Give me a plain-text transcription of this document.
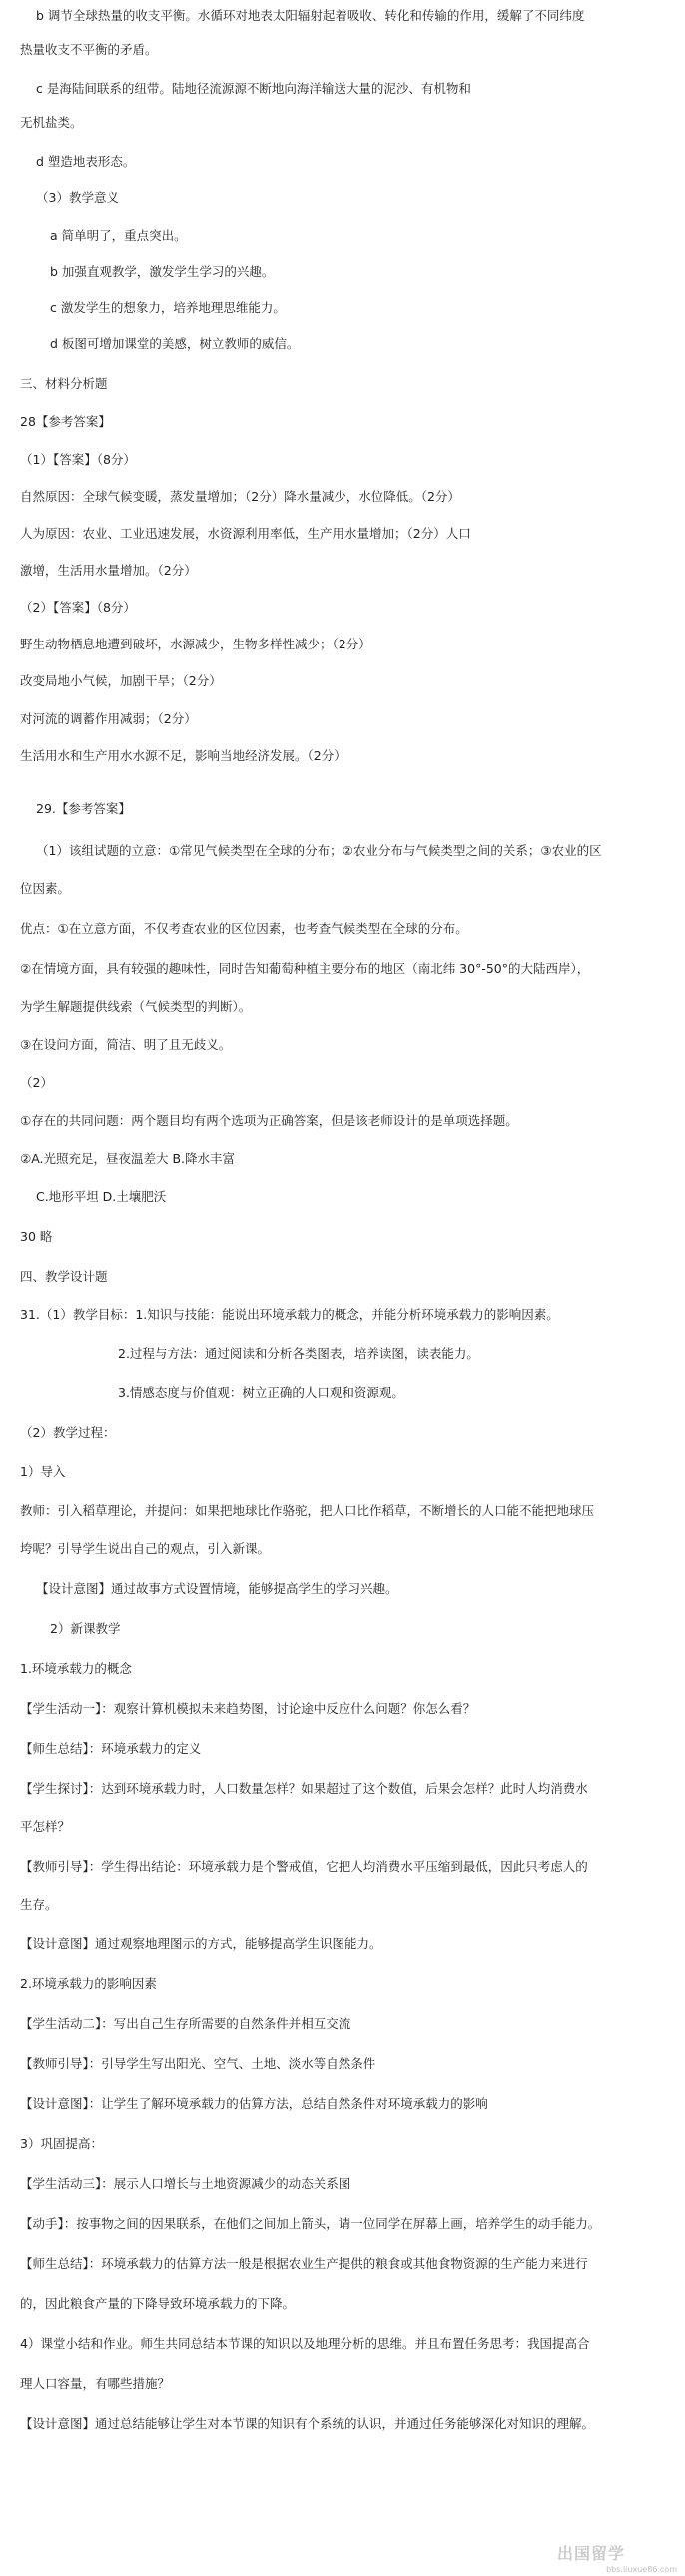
b 调节全球热量的收支平衡。水循环对地表太阳辐射起着吸收、转化和传输的作用，缓解了不同纬度
热量收支不平衡的矛盾。
c 是海陆间联系的纽带。陆地径流源源不断地向海洋输送大量的泥沙、有机物和
无机盐类。
d 塑造地表形态。
（3）教学意义
a 简单明了，重点突出。
b 加强直观教学，激发学生学习的兴趣。
c 激发学生的想象力，培养地理思维能力。
d 板图可增加课堂的美感，树立教师的威信。
三、材料分析题
28【参考答案】
（1）【答案】（8分）
自然原因：全球气候变暖，蒸发量增加；（2分）降水量减少，水位降低。（2分）
人为原因：农业、工业迅速发展，水资源利用率低，生产用水量增加；（2分）人口
激增，生活用水量增加。（2分）
（2）【答案】（8分）
野生动物栖息地遭到破坏，水源减少，生物多样性减少；（2分）
改变局地小气候，加剧干旱；（2分）
对河流的调蓄作用减弱；（2分）
生活用水和生产用水水源不足，影响当地经济发展。（2分）
29.【参考答案】
（1）该组试题的立意：①常见气候类型在全球的分布；②农业分布与气候类型之间的关系；③农业的区
位因素。
优点：①在立意方面，不仅考查农业的区位因素，也考查气候类型在全球的分布。
②在情境方面，具有较强的趣味性，同时告知葡萄种植主要分布的地区（南北纬 30°-50°的大陆西岸），
为学生解题提供线索（气候类型的判断）。
③在设问方面，简洁、明了且无歧义。
（2）
①存在的共同问题：两个题目均有两个选项为正确答案，但是该老师设计的是单项选择题。
②A.光照充足，昼夜温差大 B.降水丰富
C.地形平坦 D.土壤肥沃
30 略
四、教学设计题
31.（1）教学目标：1.知识与技能：能说出环境承载力的概念，并能分析环境承载力的影响因素。
2.过程与方法：通过阅读和分析各类图表，培养读图，读表能力。
3.情感态度与价值观：树立正确的人口观和资源观。
（2）教学过程：
1）导入
教师：引入稻草理论，并提问：如果把地球比作骆驼，把人口比作稻草，不断增长的人口能不能把地球压
垮呢？引导学生说出自己的观点，引入新课。
【设计意图】通过故事方式设置情境，能够提高学生的学习兴趣。
2）新课教学
1.环境承载力的概念
【学生活动一】：观察计算机模拟未来趋势图，讨论途中反应什么问题？你怎么看？
【师生总结】：环境承载力的定义
【学生探讨】：达到环境承载力时，人口数量怎样？如果超过了这个数值，后果会怎样？此时人均消费水
平怎样？
【教师引导】：学生得出结论：环境承载力是个警戒值，它把人均消费水平压缩到最低，因此只考虑人的
生存。
【设计意图】通过观察地理图示的方式，能够提高学生识图能力。
2.环境承载力的影响因素
【学生活动二】：写出自己生存所需要的自然条件并相互交流
【教师引导】：引导学生写出阳光、空气、土地、淡水等自然条件
【设计意图】：让学生了解环境承载力的估算方法，总结自然条件对环境承载力的影响
3）巩固提高：
【学生活动三】：展示人口增长与土地资源减少的动态关系图
【动手】：按事物之间的因果联系，在他们之间加上箭头，请一位同学在屏幕上画，培养学生的动手能力。
【师生总结】：环境承载力的估算方法一般是根据农业生产提供的粮食或其他食物资源的生产能力来进行
的，因此粮食产量的下降导致环境承载力的下降。
4）课堂小结和作业。师生共同总结本节课的知识以及地理分析的思维。并且布置任务思考：我国提高合
理人口容量，有哪些措施？
【设计意图】通过总结能够让学生对本节课的知识有个系统的认识，并通过任务能够深化对知识的理解。
出国留学
bbs.liuxue86.com
